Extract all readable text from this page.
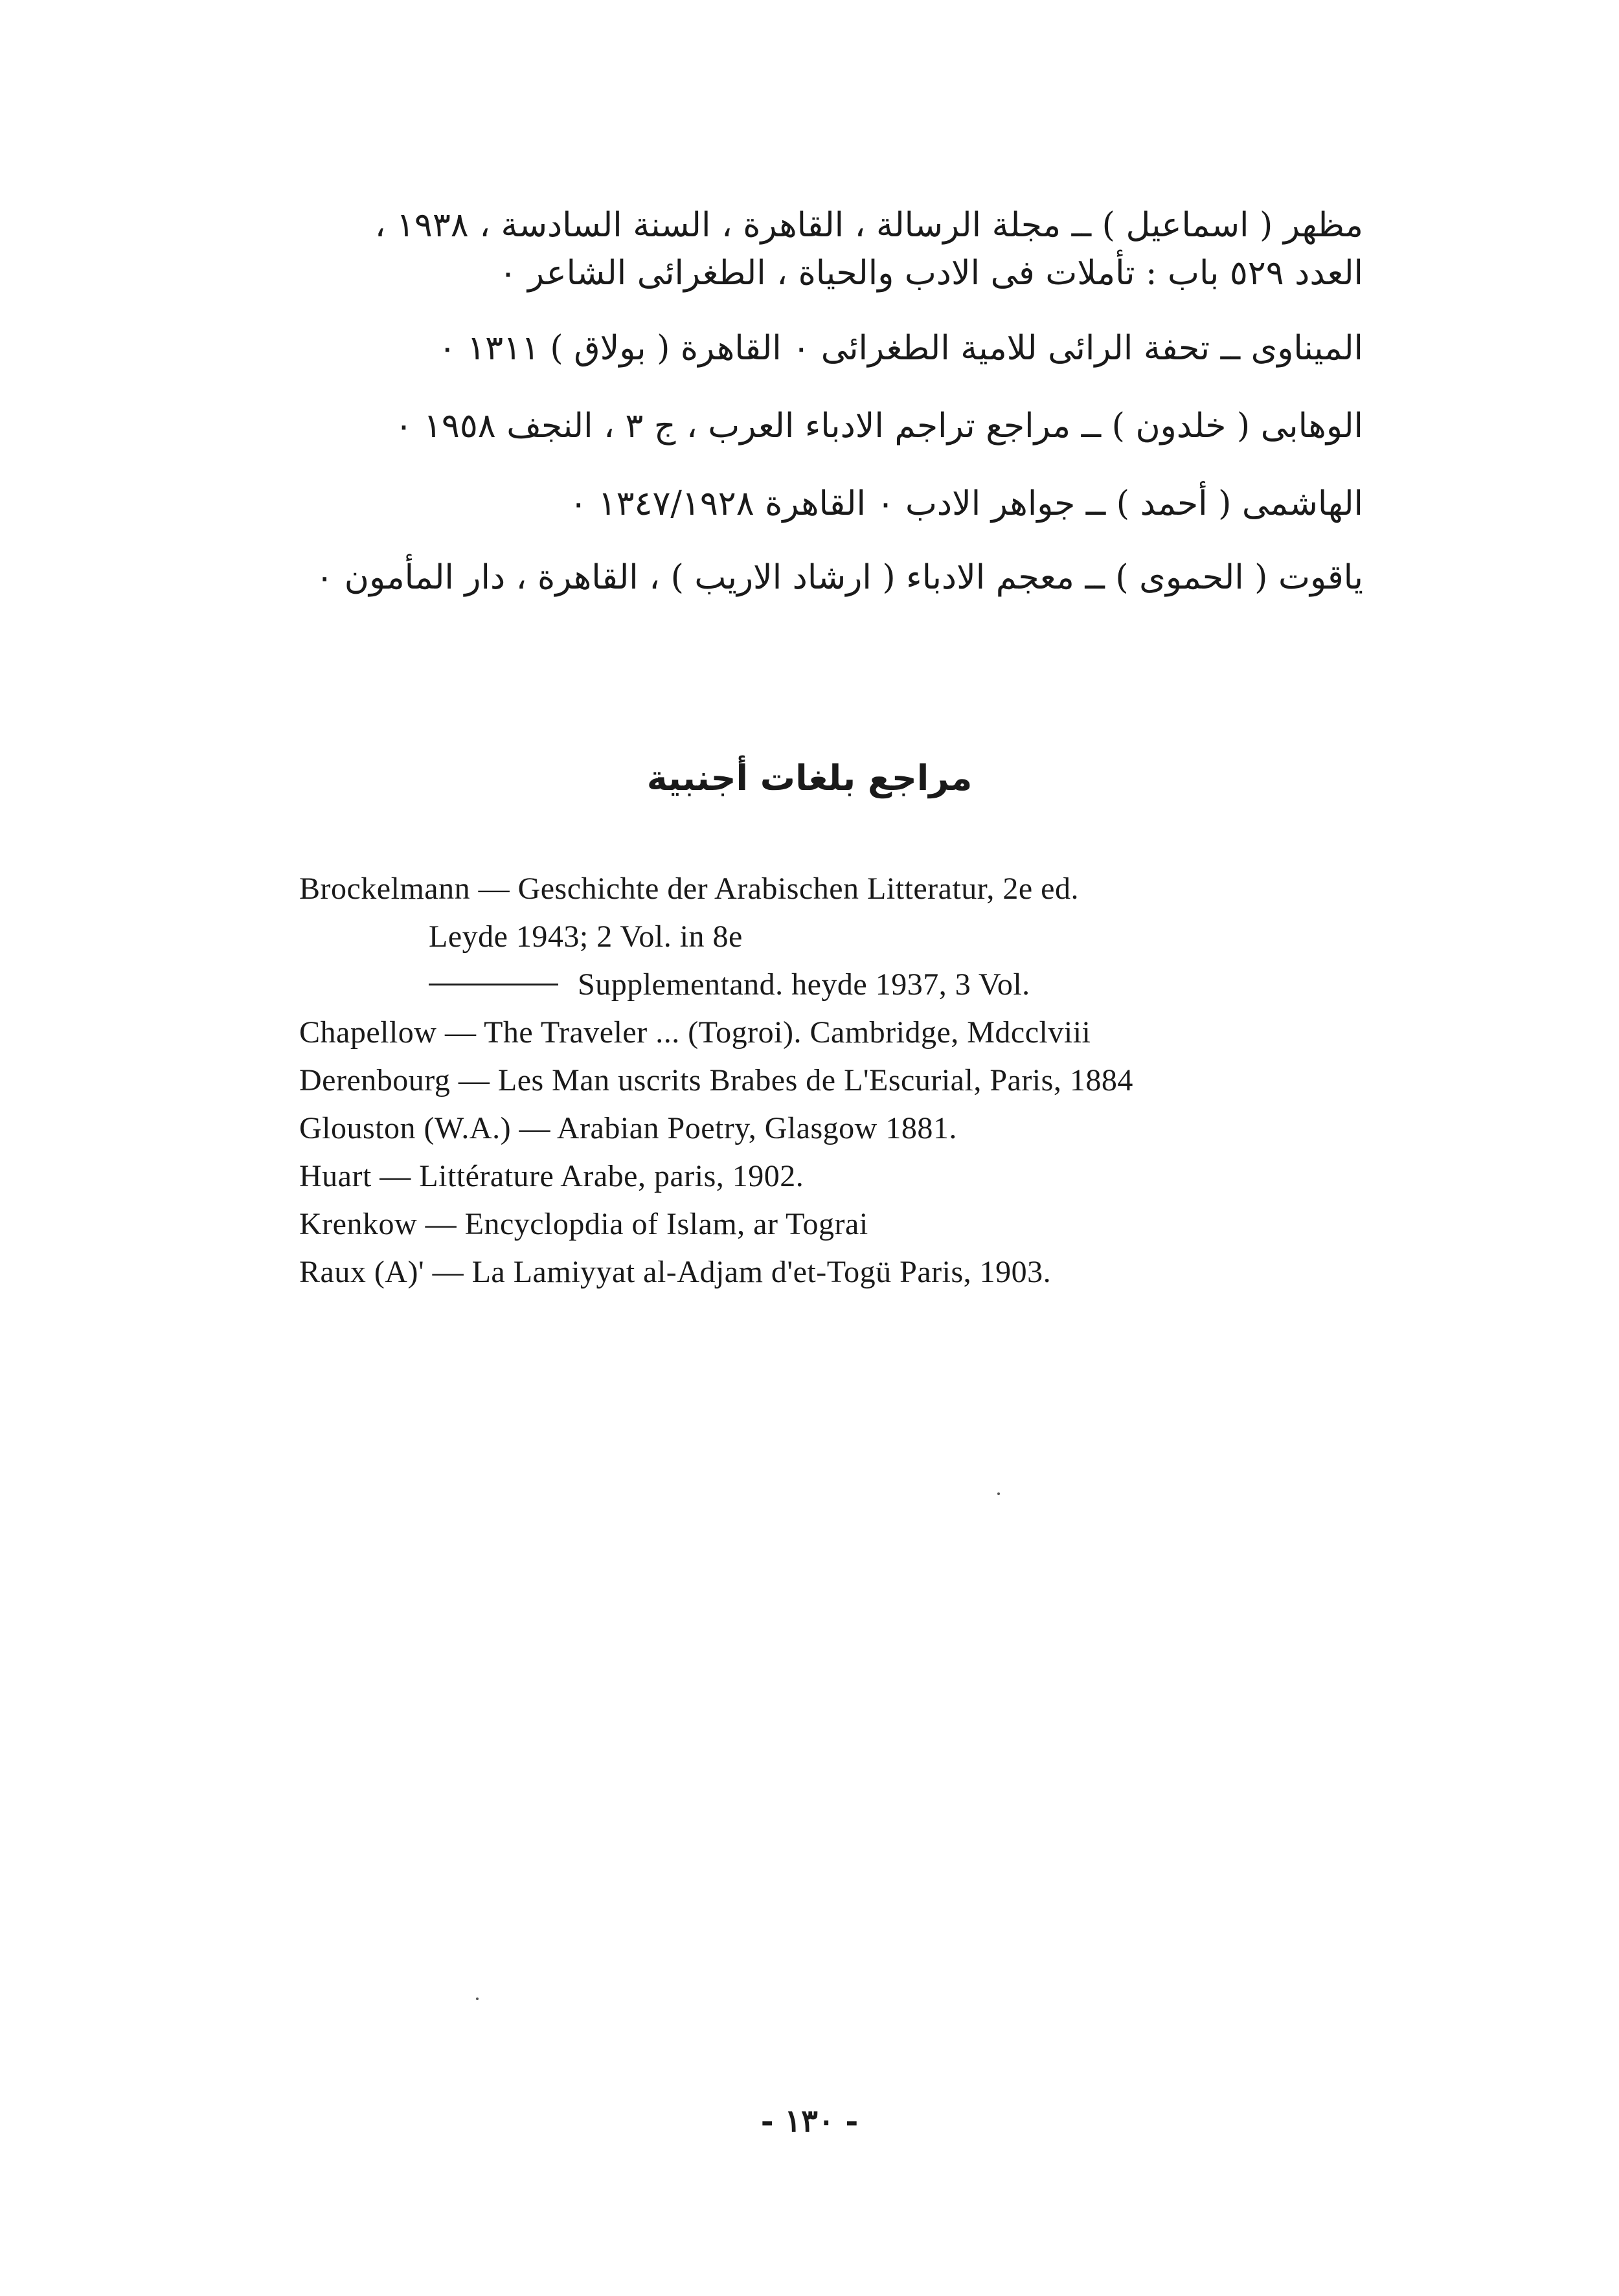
مظهر ( اسماعيل ) ــ مجلة الرسالة ، القاهرة ، السنة السادسة ، ١٩٣٨ ،
العدد ٥٢٩ باب : تأملات فى الادب والحياة ، الطغرائى الشاعر ٠
المیناوی ــ تحفة الرائى للامية الطغرائى ٠ القاهرة ( بولاق ) ١٣١١ ٠
الوهابى ( خلدون ) ــ مراجع تراجم الادباء العرب ، ج ٣ ، النجف ١٩٥٨ ٠
الهاشمى ( أحمد ) ــ جواهر الادب ٠ القاهرة ١٣٤٧/١٩٢٨ ٠
ياقوت ( الحموى ) ــ معجم الادباء ( ارشاد الاريب ) ، القاهرة ، دار المأمون ٠
مراجع بلغات أجنبية
Brockelmann — Geschichte der Arabischen Litteratur, 2e ed.
Leyde 1943; 2 Vol. in 8e
Supplementand. heyde 1937, 3 Vol.
Chapellow — The Traveler ... (Togroi). Cambridge, Mdcclviii
Derenbourg — Les Man uscrits Brabes de L'Escurial, Paris, 1884
Glouston (W.A.) — Arabian Poetry, Glasgow 1881.
Huart — Littérature Arabe, paris, 1902.
Krenkow — Encyclopdia of Islam, ar Tograi
Raux (A)' — La Lamiyyat al-Adjam d'et-Togü Paris, 1903.
- ١٣٠ -
